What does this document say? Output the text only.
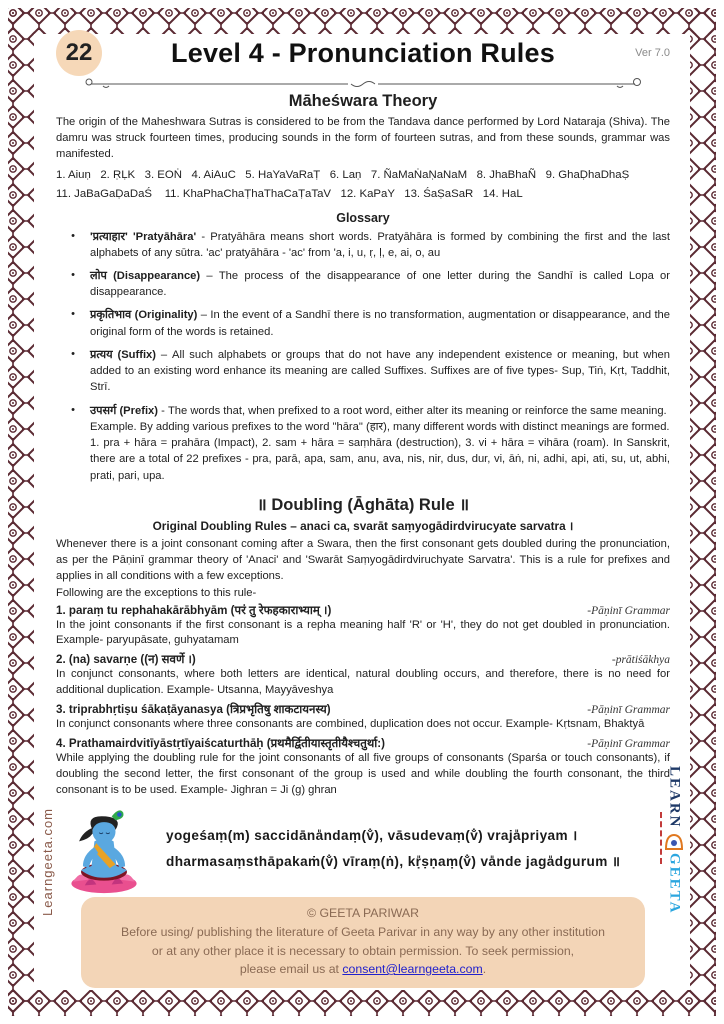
22	Level 4 - Pronunciation Rules	Ver 7.0
Māheśwara Theory
The origin of the Maheshwara Sutras is considered to be from the Tandava dance performed by Lord Nataraja (Shiva). The damru was struck fourteen times, producing sounds in the form of fourteen sutras, and from these sounds, grammar was manifested.
1. Aiuṇ   2. ṚḶK   3. EOṄ   4. AiAuC   5. HaYaVaRaṬ   6. Laṇ   7. ÑaMaṄaṆaNaM   8. JhaBhaÑ   9. GhaḌhaDhaṢ
11. JaBaGaḌaDaŚ    11. KhaPhaChaṬhaThaCaṬaTaV   12. KaPaY   13. ŚaṢaSaR   14. HaL
Glossary
•	'प्रत्याहार' 'Pratyāhāra' - Pratyāhāra means short words. Pratyāhāra is formed by combining the first and the last alphabets of any sūtra. 'ac' pratyāhāra - 'ac' from 'a, i, u, ṛ, ḷ, e, ai, o, au
•	लोप (Disappearance) – The process of the disappearance of one letter during the Sandhī is called Lopa or disappearance.
•	प्रकृतिभाव (Originality) – In the event of a Sandhī there is no transformation, augmentation or disappearance, and the original form of the words is retained.
•	प्रत्यय (Suffix) – All such alphabets or groups that do not have any independent existence or meaning, but when added to an existing word enhance its meaning are called Suffixes. Suffixes are of five types- Sup, Tiṅ, Kṛt, Taddhit, Strī.
•	उपसर्ग (Prefix) - The words that, when prefixed to a root word, either alter its meaning or reinforce the same meaning.
Example. By adding various prefixes to the word "hāra" (हार), many different words with distinct meanings are formed.
1. pra + hāra = prahāra (Impact), 2. sam + hāra = saṃhāra (destruction), 3. vi + hāra = vihāra (roam). In Sanskrit, there are a total of 22 prefixes - pra, parā, apa, sam, anu, ava, nis, nir, dus, dur, vi, āṅ, ni, adhi, api, ati, su, ut, abhi, prati, pari, upa.
॥ Doubling (Āghāta) Rule ॥
Original Doubling Rules – anaci ca, svarāt saṃyogādirdvirucyate sarvatra ।
Whenever there is a joint consonant coming after a Swara, then the first consonant gets doubled during the pronunciation, as per the Pāṇinī grammar theory of 'Anaci' and 'Swarāt Saṃyogādirdviruchyate Sarvatra'. This is a rule for prefixes and applies in all conditions with a few exceptions.
Following are the exceptions to this rule-
1. paraṃ tu rephahakārābhyām (परं तु रेफहकाराभ्याम् ।)	-Pāṇinī Grammar
In the joint consonants if the first consonant is a repha meaning half 'R' or 'H', they do not get doubled in pronunciation. Example- paryupāsate, guhyatamam
2. (na) savarṇe ((न) सवर्णे ।)	-prātiśākhya
In conjunct consonants, where both letters are identical, natural doubling occurs, and therefore, there is no need for additional duplication. Example- Utsanna, Mayyāveshya
3. triprabhṛtiṣu śākaṭāyanasya (त्रिप्रभृतिषु शाकटायनस्य)	-Pāṇinī Grammar
In conjunct consonants where three consonants are combined, duplication does not occur. Example- Kṛtsnam, Bhaktyā
4. Prathamairdvitīyāstṛtīyaiścaturthāḥ (प्रथमैर्द्वितीयास्तृतीयैश्चतुर्था:)	-Pāṇinī Grammar
While applying the doubling rule for the joint consonants of all five groups of consonants (Sparśa or touch consonants), if doubling the second letter, the first consonant of the group is used and while doubling the fourth consonant, the third consonant is to be used. Example- Jighran = Ji (g) ghran
yogeśaṃ(m) saccidāna̎ndaṃ(v̐), vāsudevaṃ(v̐) vraja̎priyam ।
dharmasaṃsthāpakaṁ(v̐) vīraṃ(ṅ), kṛ̎ṣṇaṃ(v̐) va̎nde jaga̎dgurum ॥
© GEETA PARIWAR
Before using/ publishing the literature of Geeta Parivar in any way by any other institution
or at any other place it is necessary to obtain permission. To seek permission,
please email us at consent@learngeeta.com.
Learngeeta.com
LEARN
GEETA
